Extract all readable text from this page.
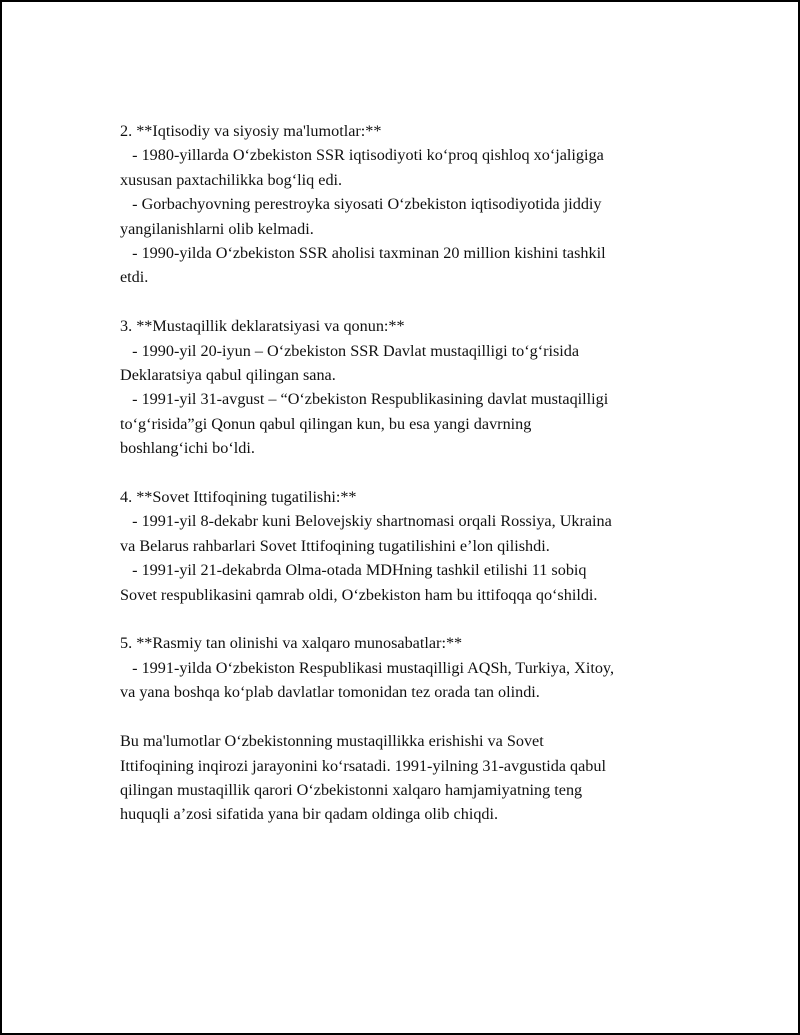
2. **Iqtisodiy va siyosiy ma'lumotlar:**
- 1980-yillarda O‘zbekiston SSR iqtisodiyoti ko‘proq qishloq xo‘jaligiga
xususan paxtachilikka bog‘liq edi.
- Gorbachyovning perestroyka siyosati O‘zbekiston iqtisodiyotida jiddiy
yangilanishlarni olib kelmadi.
- 1990-yilda O‘zbekiston SSR aholisi taxminan 20 million kishini tashkil
etdi.
3. **Mustaqillik deklaratsiyasi va qonun:**
- 1990-yil 20-iyun – O‘zbekiston SSR Davlat mustaqilligi to‘g‘risida
Deklaratsiya qabul qilingan sana.
- 1991-yil 31-avgust – “O‘zbekiston Respublikasining davlat mustaqilligi
to‘g‘risida”gi Qonun qabul qilingan kun, bu esa yangi davrning
boshlang‘ichi bo‘ldi.
4. **Sovet Ittifoqining tugatilishi:**
- 1991-yil 8-dekabr kuni Belovejskiy shartnomasi orqali Rossiya, Ukraina
va Belarus rahbarlari Sovet Ittifoqining tugatilishini e’lon qilishdi.
- 1991-yil 21-dekabrda Olma-otada MDHning tashkil etilishi 11 sobiq
Sovet respublikasini qamrab oldi, O‘zbekiston ham bu ittifoqqa qo‘shildi.
5. **Rasmiy tan olinishi va xalqaro munosabatlar:**
- 1991-yilda O‘zbekiston Respublikasi mustaqilligi AQSh, Turkiya, Xitoy,
va yana boshqa ko‘plab davlatlar tomonidan tez orada tan olindi.
Bu ma'lumotlar O‘zbekistonning mustaqillikka erishishi va Sovet
Ittifoqining inqirozi jarayonini ko‘rsatadi. 1991-yilning 31-avgustida qabul
qilingan mustaqillik qarori O‘zbekistonni xalqaro hamjamiyatning teng
huquqli a’zosi sifatida yana bir qadam oldinga olib chiqdi.
